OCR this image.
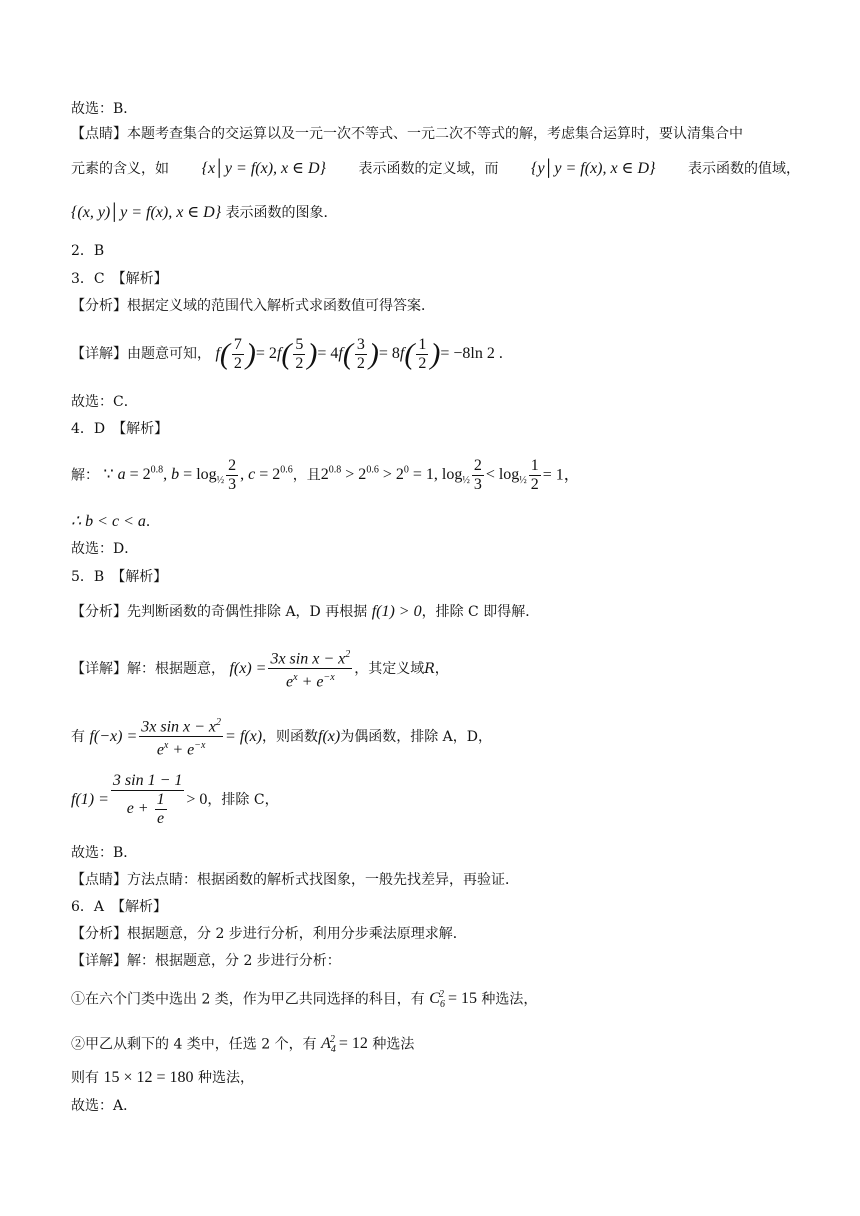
故选：B．
【点睛】本题考查集合的交运算以及一元一次不等式、一元二次不等式的解，考虑集合运算时，要认清集合中
元素的含义，如 {x│y = f(x), x ∈ D} 表示函数的定义域，而 {y│y = f(x), x ∈ D} 表示函数的值域，
{(x, y)│y = f(x), x ∈ D} 表示函数的图象．
2．B
3．C　【解析】
【分析】根据定义域的范围代入解析式求函数值可得答案．
【详解】由题意可知， $f( \frac{7}{2}$ )= $2f( \frac{5}{2}$ )= $4f( \frac{3}{2}$ )= $8f( \frac{1}{2}$ )= −8ln 2 .
故选：C．
4．D　【解析】
解： ∵ $a = 2^{0.8}$, $b = \log_{\frac{1}{2}} \frac{2}{3}$ , $c = 2^{0.6}$，且$2^{0.8} > 2^{0.6} > 2^0 = 1$, $\log_{\frac{1}{2}} \frac{2}{3} < \log_{\frac{1}{2}} \frac{1}{2} = 1$，
∴ b < c < a．
故选：D．
5．B　【解析】
【分析】先判断函数的奇偶性排除 A，D 再根据 f(1) > 0，排除 C 即得解．
【详解】解：根据题意， $f(x) = \frac{3x \sin x - x^2}{e^x + e^{-x}}$ ，其定义域R，
有 $f(-x) = \frac{3x \sin x - x^2}{e^x + e^{-x}} = f(x)$，则函数f(x)为偶函数，排除 A，D，
$f(1) = \frac{3 \sin 1 - 1}{e + \frac{1}{e}} > 0$，排除 C，
故选：B．
【点睛】方法点睛：根据函数的解析式找图象，一般先找差异，再验证．
6．A　【解析】
【分析】根据题意，分 2 步进行分析，利用分步乘法原理求解．
【详解】解：根据题意，分 2 步进行分析：
①在六个门类中选出 2 类，作为甲乙共同选择的科目，有 $C_6^2 = 15$ 种选法，
②甲乙从剩下的 4 类中，任选 2 个，有 $A_4^2 = 12$ 种选法
则有 15 × 12 = 180 种选法，
故选：A．
